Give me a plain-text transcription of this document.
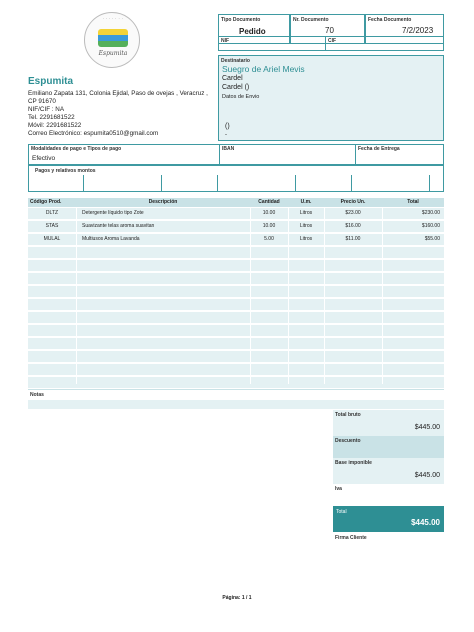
· · · · · · ·
Espumita
Espumita
Emiliano Zapata 131, Colonia Ejidal, Paso de ovejas , Veracruz ,
CP 91670
NIF/CIF : NA
Tel. 2291681522
Móvil: 2291681522
Correo Electrónico: espumita0510@gmail.com
Tipo Documento
Pedido
Nr. Documento
70
Fecha Documento
7/2/2023
NIF	CIF
Destinatario
Suegro de Ariel Mevis
Cardel
Cardel ()
Datos de Envio
()
-
Modalidades de pago e Tipos de pago
Efectivo
IBAN	Fecha de Entrega
Pagos y relativos montos
Código Prod.	Descripción	Cantidad	U.m.	Precio Un.	Total
DLTZ	Detergente líquido tipo Zote	10.00	Litros	$23.00	$230.00
STAS	Suavizante telas aroma suavitan	10.00	Litros	$16.00	$160.00
MULAL	Multiusos Aroma Lavanda	5.00	Litros	$11.00	$55.00
Notas
Total bruto
$445.00
Descuento
Base imponible
$445.00
Iva
Total
$445.00
Firma Cliente
Página: 1 / 1
